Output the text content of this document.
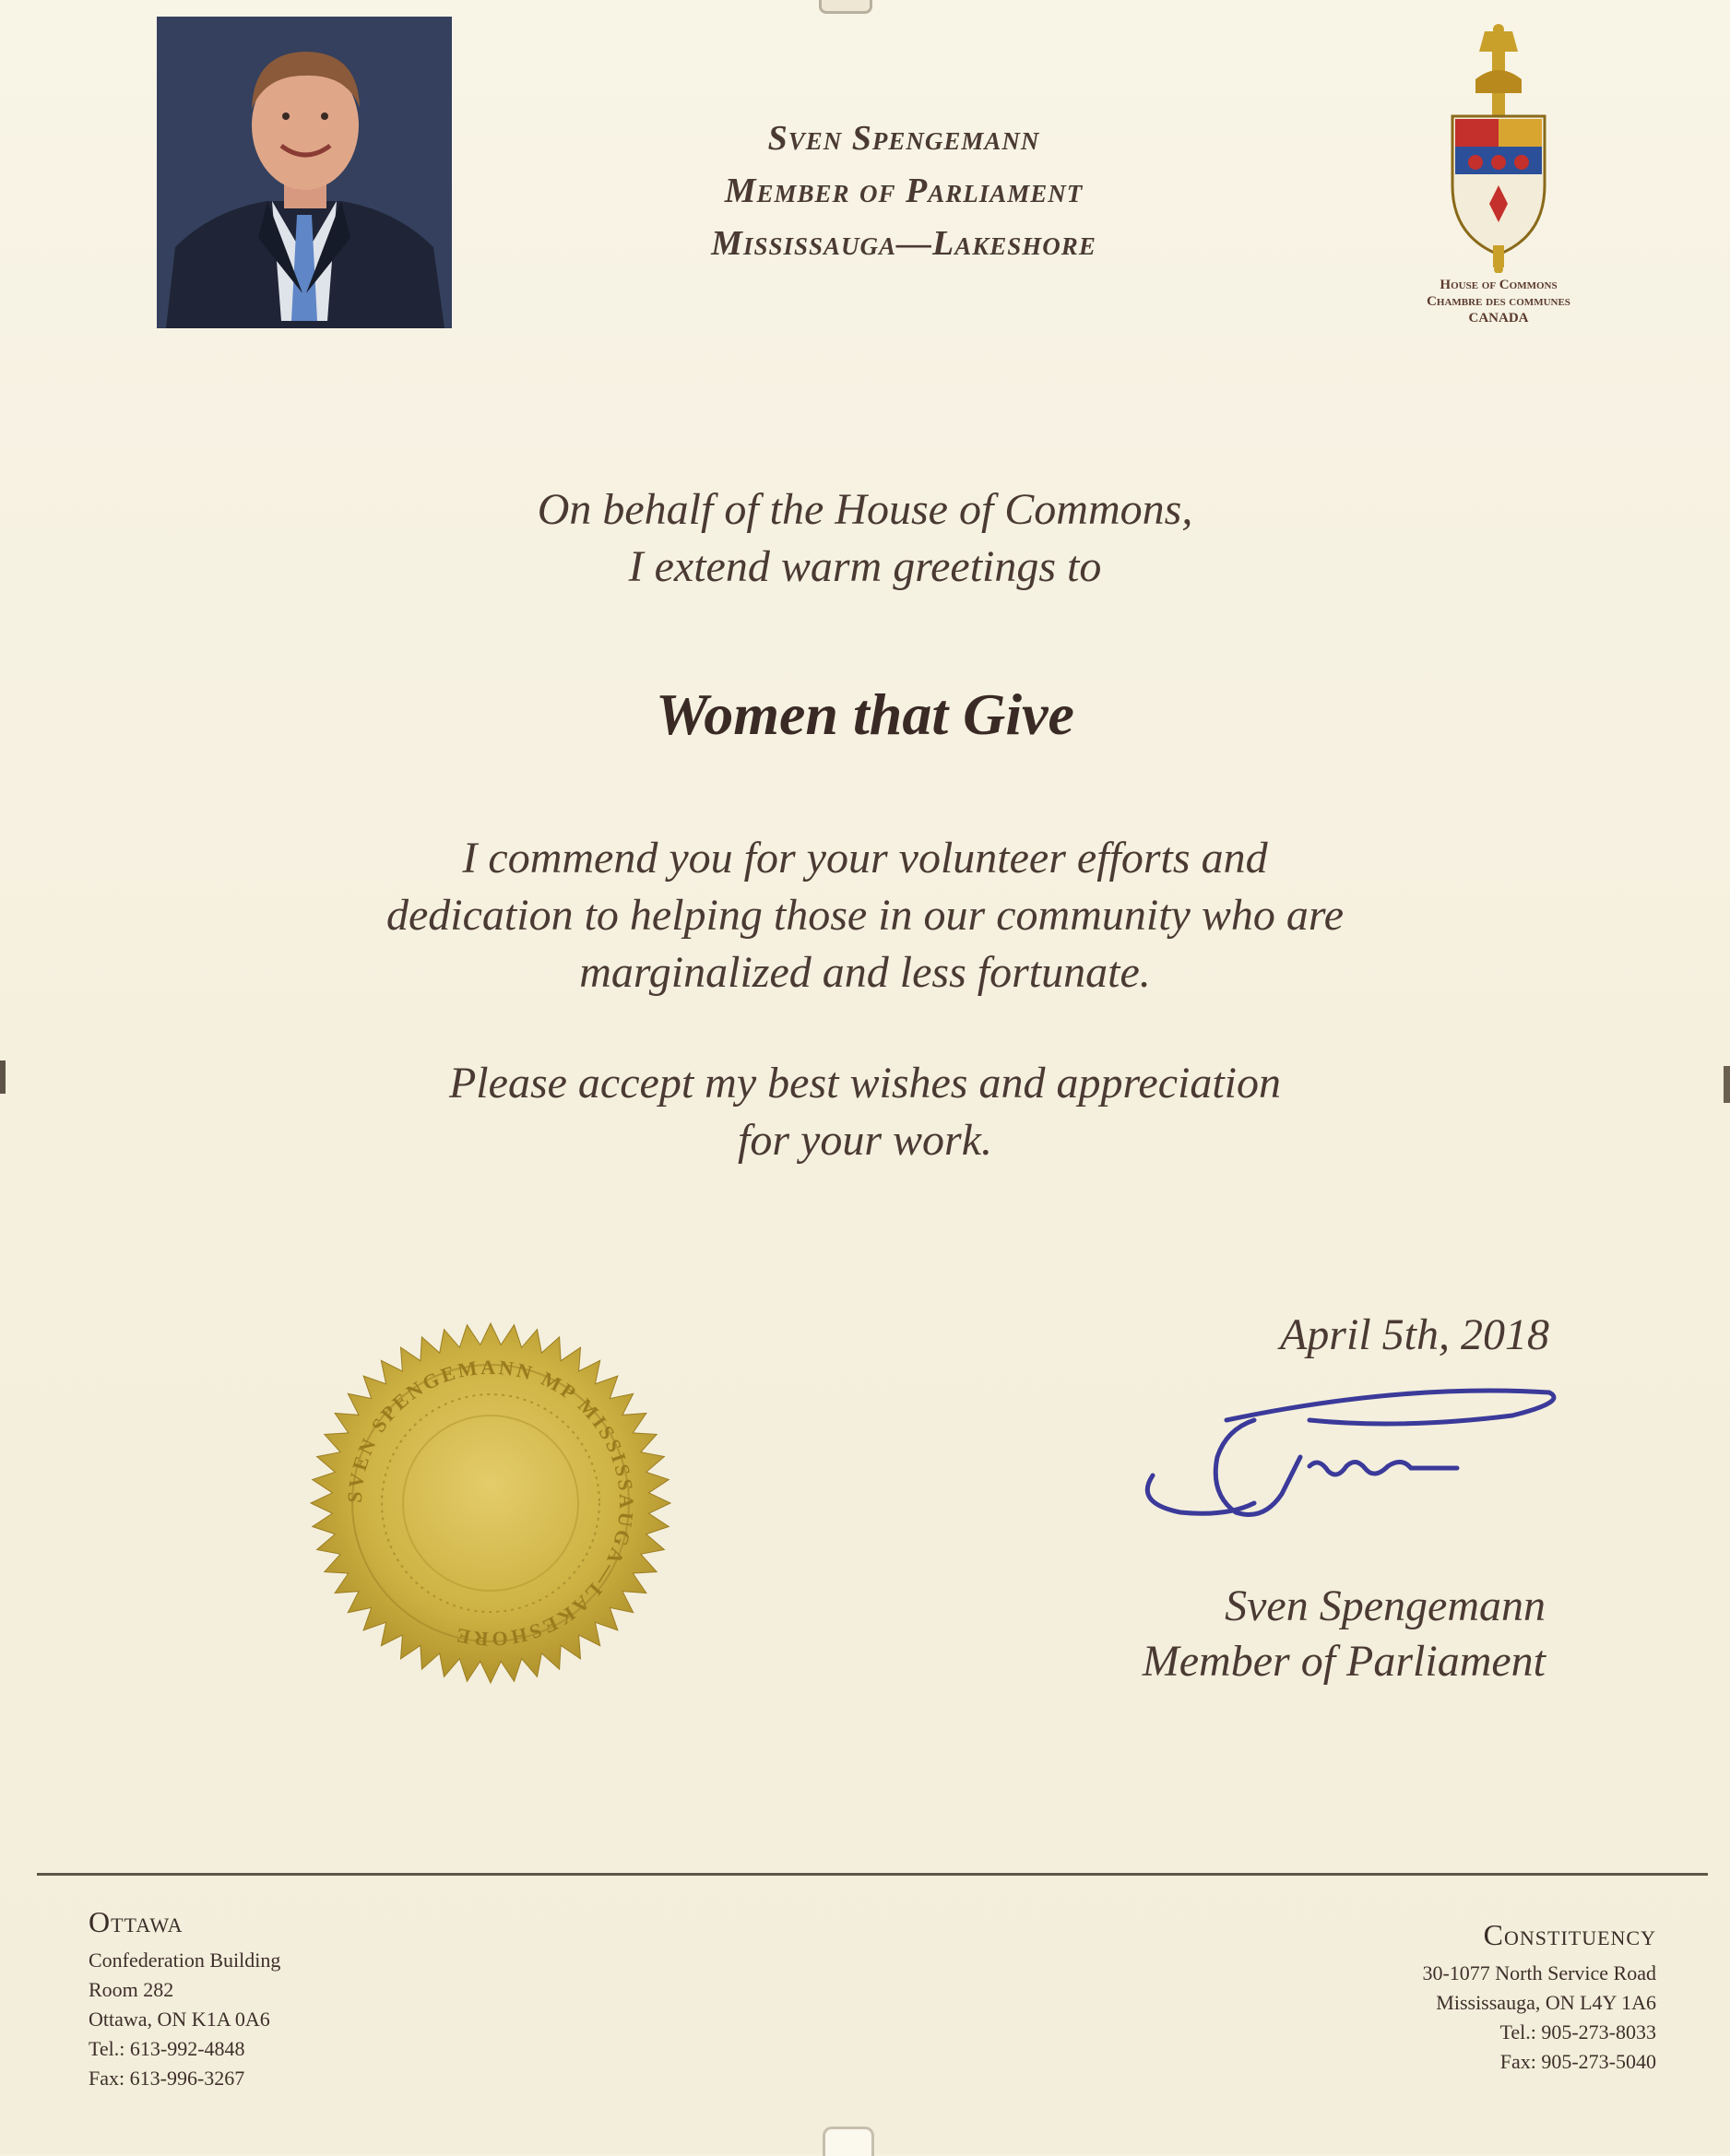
Sven Spengemann
Member of Parliament
Mississauga—Lakeshore
House of Commons
Chambre des communes
CANADA
On behalf of the House of Commons,
I extend warm greetings to
Women that Give
I commend you for your volunteer efforts and
dedication to helping those in our community who are
marginalized and less fortunate.
Please accept my best wishes and appreciation
for your work.
SVEN SPENGEMANN MP MISSISSAUGA—LAKESHORE
April 5th, 2018
Sven Spengemann
Member of Parliament
Ottawa
Confederation Building
Room 282
Ottawa, ON K1A 0A6
Tel.: 613-992-4848
Fax: 613-996-3267
Constituency
30-1077 North Service Road
Mississauga, ON L4Y 1A6
Tel.: 905-273-8033
Fax: 905-273-5040
